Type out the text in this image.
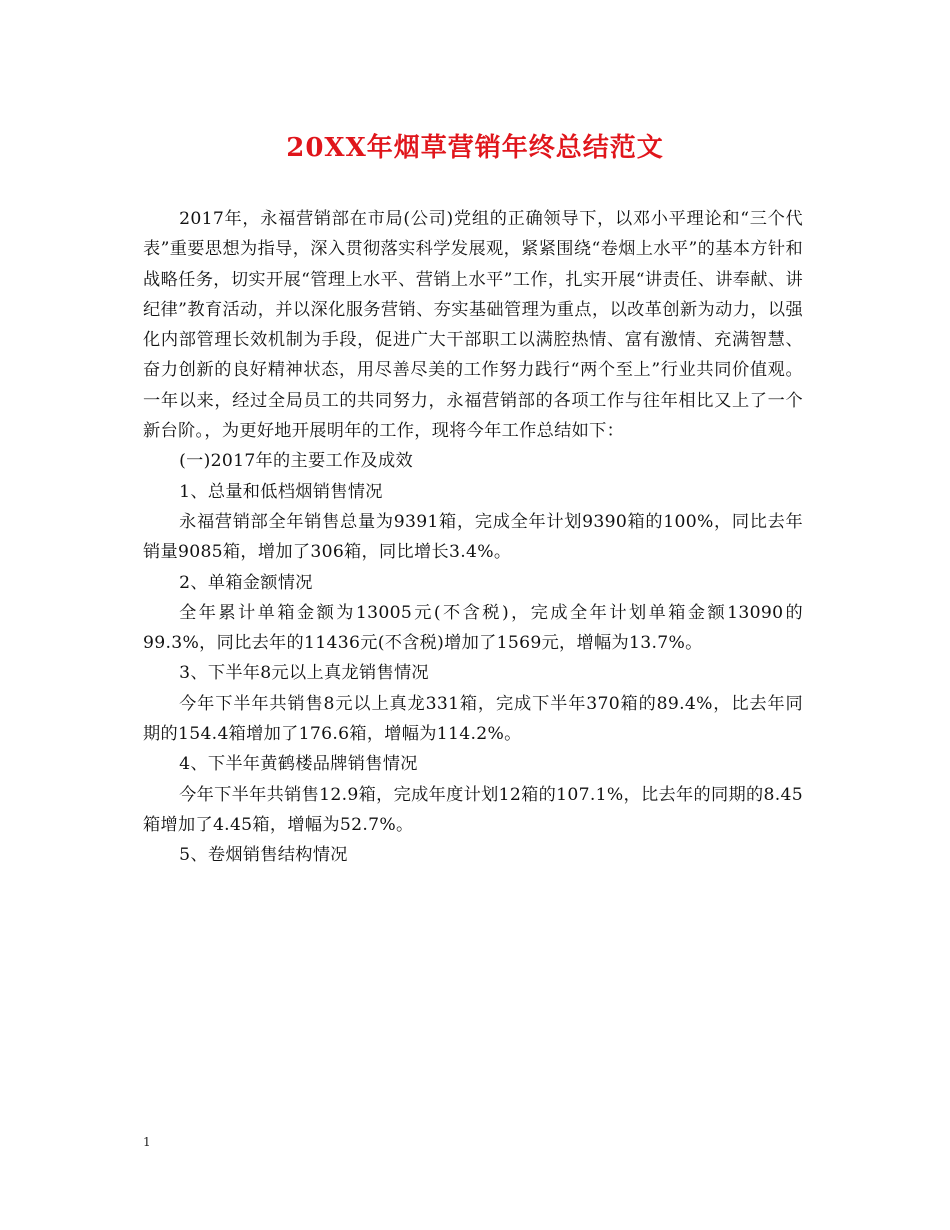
20XX年烟草营销年终总结范文

2017年，永福营销部在市局(公司)党组的正确领导下，以邓小平理论和“三个代表”重要思想为指导，深入贯彻落实科学发展观，紧紧围绕“卷烟上水平”的基本方针和战略任务，切实开展“管理上水平、营销上水平”工作，扎实开展“讲责任、讲奉献、讲纪律”教育活动，并以深化服务营销、夯实基础管理为重点，以改革创新为动力，以强化内部管理长效机制为手段，促进广大干部职工以满腔热情、富有激情、充满智慧、奋力创新的良好精神状态，用尽善尽美的工作努力践行“两个至上”行业共同价值观。一年以来，经过全局员工的共同努力，永福营销部的各项工作与往年相比又上了一个新台阶。，为更好地开展明年的工作，现将今年工作总结如下：

(一)2017年的主要工作及成效

1、总量和低档烟销售情况

永福营销部全年销售总量为9391箱，完成全年计划9390箱的100%，同比去年销量9085箱，增加了306箱，同比增长3.4%。

2、单箱金额情况

全年累计单箱金额为13005元(不含税)，完成全年计划单箱金额13090的99.3%，同比去年的11436元(不含税)增加了1569元，增幅为13.7%。

3、下半年8元以上真龙销售情况

今年下半年共销售8元以上真龙331箱，完成下半年370箱的89.4%，比去年同期的154.4箱增加了176.6箱，增幅为114.2%。

4、下半年黄鹤楼品牌销售情况

今年下半年共销售12.9箱，完成年度计划12箱的107.1%，比去年的同期的8.45箱增加了4.45箱，增幅为52.7%。

5、卷烟销售结构情况

1
